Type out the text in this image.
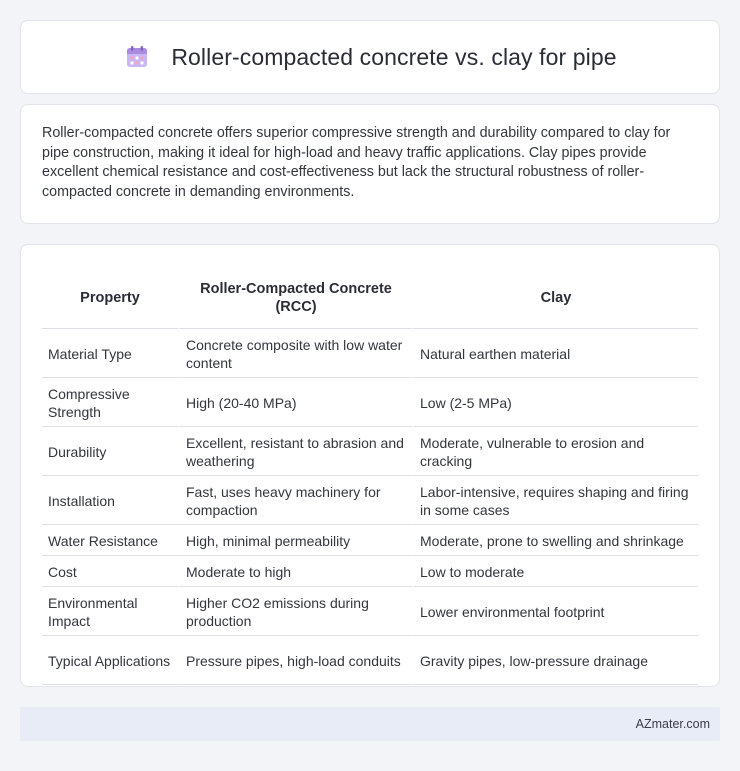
Roller-compacted concrete vs. clay for pipe

Roller-compacted concrete offers superior compressive strength and durability compared to clay for pipe construction, making it ideal for high-load and heavy traffic applications. Clay pipes provide excellent chemical resistance and cost-effectiveness but lack the structural robustness of roller-compacted concrete in demanding environments.

Property	Roller-Compacted Concrete (RCC)	Clay
Material Type	Concrete composite with low water content	Natural earthen material
Compressive Strength	High (20-40 MPa)	Low (2-5 MPa)
Durability	Excellent, resistant to abrasion and weathering	Moderate, vulnerable to erosion and cracking
Installation	Fast, uses heavy machinery for compaction	Labor-intensive, requires shaping and firing in some cases
Water Resistance	High, minimal permeability	Moderate, prone to swelling and shrinkage
Cost	Moderate to high	Low to moderate
Environmental Impact	Higher CO2 emissions during production	Lower environmental footprint
Typical Applications	Pressure pipes, high-load conduits	Gravity pipes, low-pressure drainage
AZmater.com
